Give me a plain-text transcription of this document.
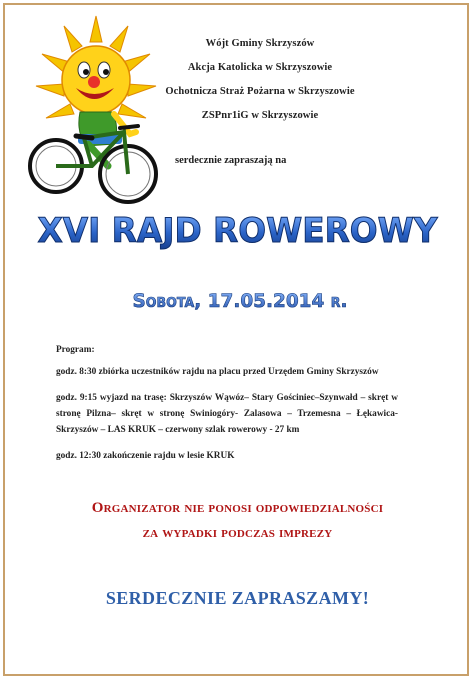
Wójt Gminy Skrzyszów
Akcja Katolicka w Skrzyszowie
Ochotnicza Straż Pożarna w Skrzyszowie
ZSPnr1iG w Skrzyszowie
serdecznie zapraszają na
XVI RAJD ROWEROWY
Sobota, 17.05.2014 r.
Program:
godz. 8:30 zbiórka uczestników rajdu na placu przed Urzędem Gminy Skrzyszów
godz. 9:15 wyjazd na trasę: Skrzyszów Wąwóz– Stary Gościniec–Szynwałd – skręt w stronę Pilzna– skręt w stronę Swiniogóry- Zalasowa – Trzemesna – Łękawica-Skrzyszów – LAS KRUK – czerwony szlak rowerowy - 27 km
godz. 12:30 zakończenie rajdu w lesie KRUK
Organizator nie ponosi odpowiedzialności
za wypadki podczas imprezy
SERDECZNIE ZAPRASZAMY!
